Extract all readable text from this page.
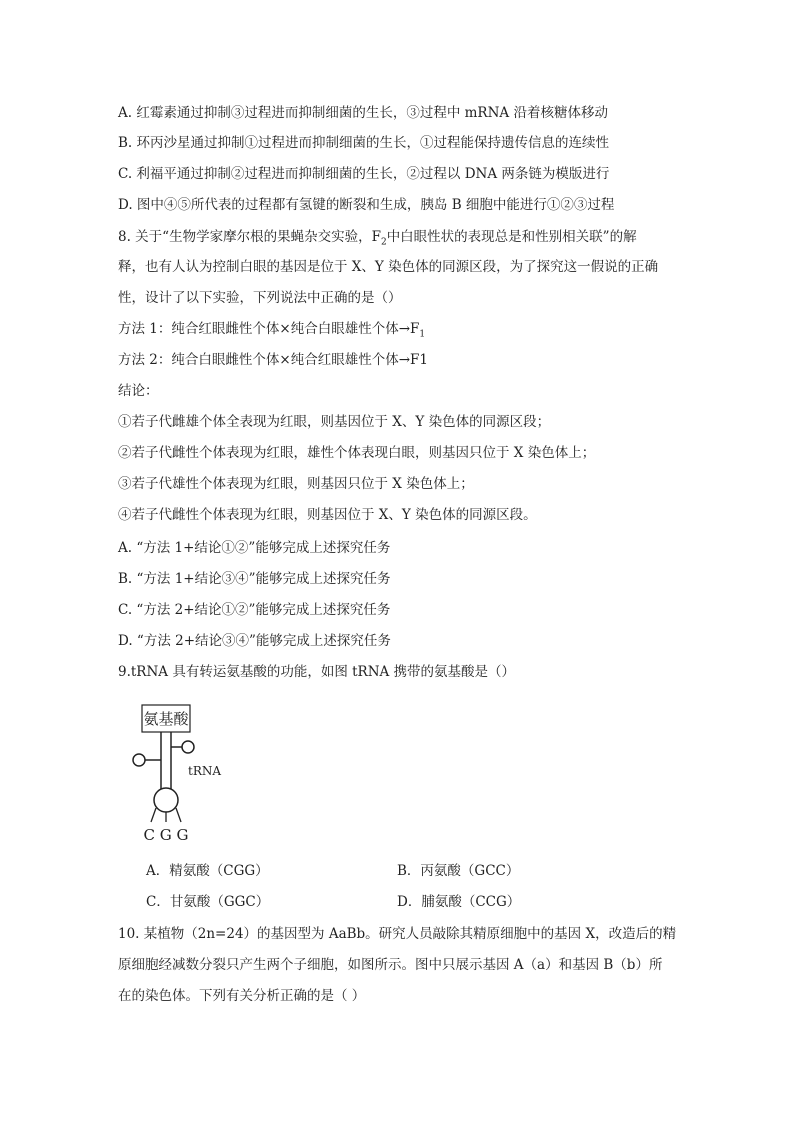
A. 红霉素通过抑制③过程进而抑制细菌的生长，③过程中 mRNA 沿着核糖体移动
B. 环丙沙星通过抑制①过程进而抑制细菌的生长，①过程能保持遗传信息的连续性
C. 利福平通过抑制②过程进而抑制细菌的生长，②过程以 DNA 两条链为模版进行
D. 图中④⑤所代表的过程都有氢键的断裂和生成，胰岛 B 细胞中能进行①②③过程
8. 关于“生物学家摩尔根的果蝇杂交实验，$F_2$中白眼性状的表现总是和性别相关联”的解
释，也有人认为控制白眼的基因是位于 X、Y 染色体的同源区段，为了探究这一假说的正确
性，设计了以下实验，下列说法中正确的是（）
方法 1：纯合红眼雌性个体×纯合白眼雄性个体$\to F_1$
方法 2：纯合白眼雌性个体×纯合红眼雄性个体→F1
结论：
①若子代雌雄个体全表现为红眼，则基因位于 X、Y 染色体的同源区段；
②若子代雌性个体表现为红眼，雄性个体表现白眼，则基因只位于 X 染色体上；
③若子代雄性个体表现为红眼，则基因只位于 X 染色体上；
④若子代雌性个体表现为红眼，则基因位于 X、Y 染色体的同源区段。
A. “方法 1+结论①②”能够完成上述探究任务
B. “方法 1+结论③④”能够完成上述探究任务
C. “方法 2+结论①②”能够完成上述探究任务
D. “方法 2+结论③④”能够完成上述探究任务
9.tRNA 具有转运氨基酸的功能，如图 tRNA 携带的氨基酸是（）
氨基酸
tRNA
C G G
A．精氨酸（CGG）	B．丙氨酸（GCC）
C．甘氨酸（GGC）	D．脯氨酸（CCG）
10. 某植物（2n=24）的基因型为 AaBb。研究人员敲除其精原细胞中的基因 X，改造后的精
原细胞经减数分裂只产生两个子细胞，如图所示。图中只展示基因 A（a）和基因 B（b）所
在的染色体。下列有关分析正确的是（ ）
